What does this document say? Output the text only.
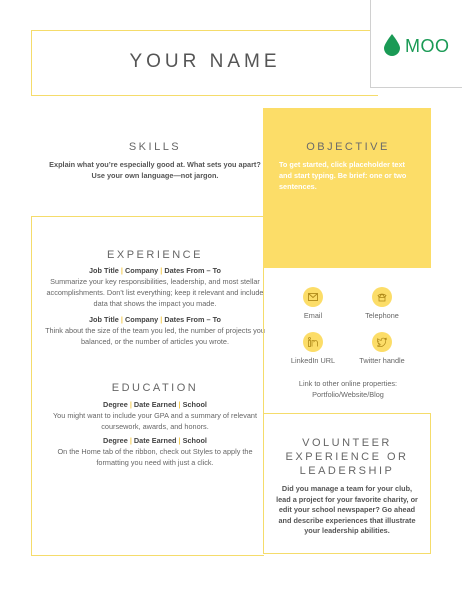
YOUR NAME
MOO
SKILLS
Explain what you’re especially good at. What sets you apart? Use your own language—not jargon.
OBJECTIVE
To get started, click placeholder text and start typing. Be brief: one or two sentences.
EXPERIENCE
Job Title | Company | Dates From – To
Summarize your key responsibilities, leadership, and most stellar accomplishments. Don’t list everything; keep it relevant and include data that shows the impact you made.
Job Title | Company | Dates From – To
Think about the size of the team you led, the number of projects you balanced, or the number of articles you wrote.
EDUCATION
Degree | Date Earned | School
You might want to include your GPA and a summary of relevant coursework, awards, and honors.
Degree | Date Earned | School
On the Home tab of the ribbon, check out Styles to apply the formatting you need with just a click.
Email	Telephone
LinkedIn URL	Twitter handle
Link to other online properties: Portfolio/Website/Blog
VOLUNTEER EXPERIENCE OR LEADERSHIP
Did you manage a team for your club, lead a project for your favorite charity, or edit your school newspaper? Go ahead and describe experiences that illustrate your leadership abilities.
